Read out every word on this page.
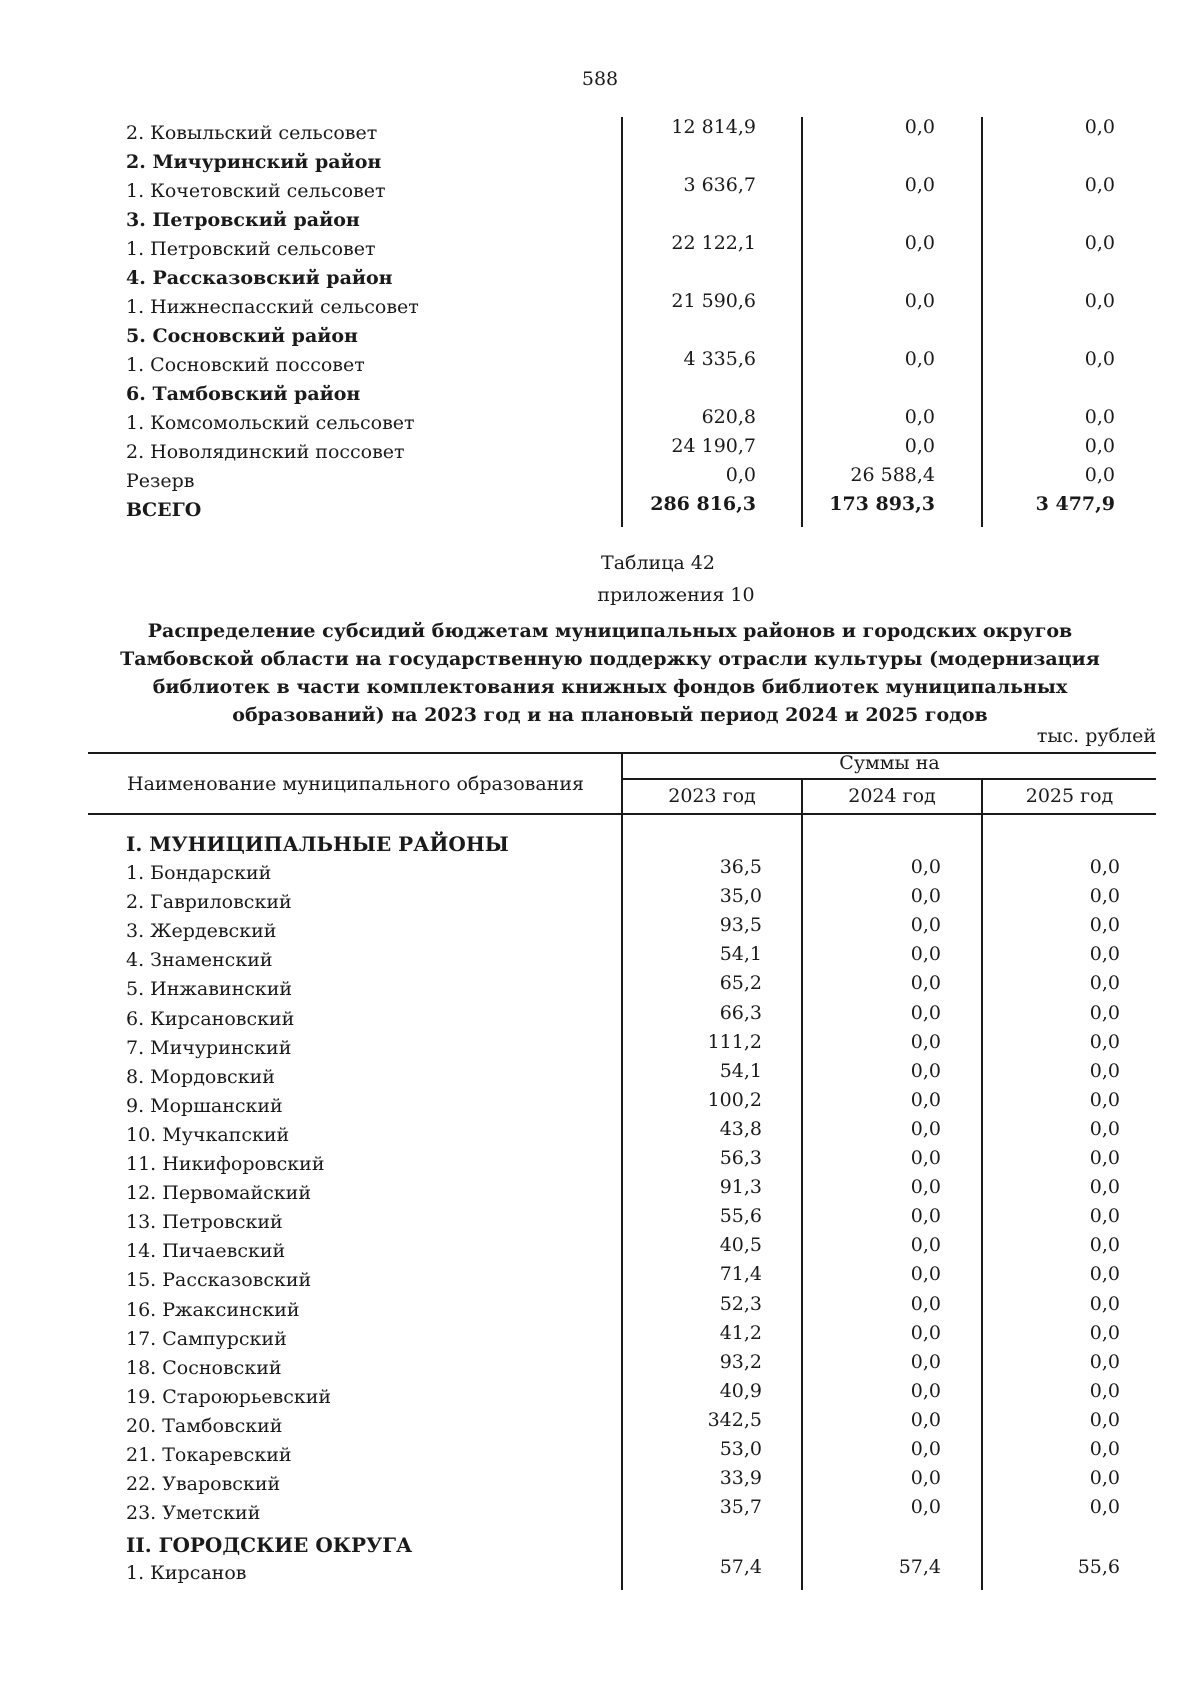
588
2. Ковыльский сельсовет	12 814,9	0,0	0,0
2. Мичуринский район
1. Кочетовский сельсовет	3 636,7	0,0	0,0
3. Петровский район
1. Петровский сельсовет	22 122,1	0,0	0,0
4. Рассказовский район
1. Нижнеспасский сельсовет	21 590,6	0,0	0,0
5. Сосновский район
1. Сосновский поссовет	4 335,6	0,0	0,0
6. Тамбовский район
1. Комсомольский сельсовет	620,8	0,0	0,0
2. Новолядинский поссовет	24 190,7	0,0	0,0
Резерв	0,0	26 588,4	0,0
ВСЕГО	286 816,3	173 893,3	3 477,9
Таблица 42
приложения 10
Распределение субсидий бюджетам муниципальных районов и городских округов Тамбовской области на государственную поддержку отрасли культуры (модернизация библиотек в части комплектования книжных фондов библиотек муниципальных образований) на 2023 год и на плановый период 2024 и 2025 годов
тыс. рублей
Наименование муниципального образования
Суммы на
2023 год	2024 год	2025 год
I. МУНИЦИПАЛЬНЫЕ РАЙОНЫ
1. Бондарский	36,5	0,0	0,0
2. Гавриловский	35,0	0,0	0,0
3. Жердевский	93,5	0,0	0,0
4. Знаменский	54,1	0,0	0,0
5. Инжавинский	65,2	0,0	0,0
6. Кирсановский	66,3	0,0	0,0
7. Мичуринский	111,2	0,0	0,0
8. Мордовский	54,1	0,0	0,0
9. Моршанский	100,2	0,0	0,0
10. Мучкапский	43,8	0,0	0,0
11. Никифоровский	56,3	0,0	0,0
12. Первомайский	91,3	0,0	0,0
13. Петровский	55,6	0,0	0,0
14. Пичаевский	40,5	0,0	0,0
15. Рассказовский	71,4	0,0	0,0
16. Ржаксинский	52,3	0,0	0,0
17. Сампурский	41,2	0,0	0,0
18. Сосновский	93,2	0,0	0,0
19. Староюрьевский	40,9	0,0	0,0
20. Тамбовский	342,5	0,0	0,0
21. Токаревский	53,0	0,0	0,0
22. Уваровский	33,9	0,0	0,0
23. Уметский	35,7	0,0	0,0
II. ГОРОДСКИЕ ОКРУГА
1. Кирсанов	57,4	57,4	55,6
